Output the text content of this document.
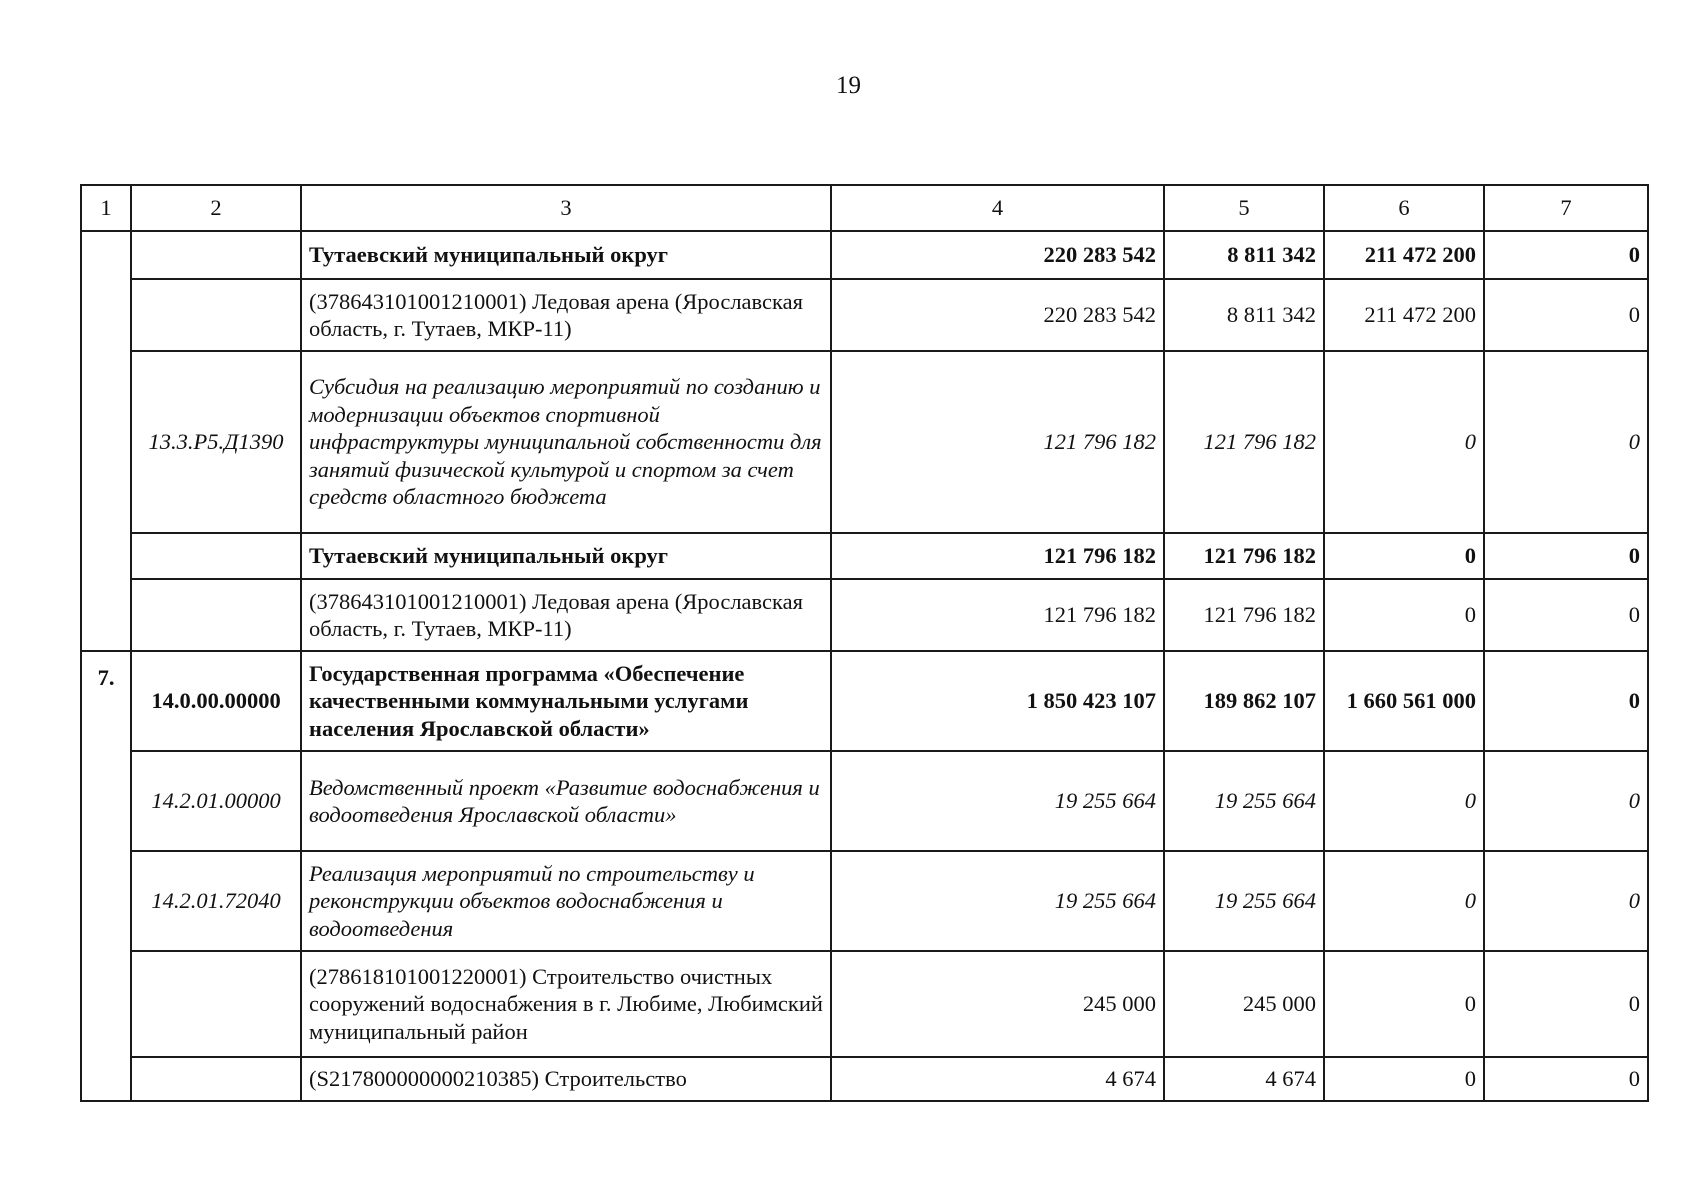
19
1	2	3	4	5	6	7
		Тутаевский муниципальный округ	220 283 542	8 811 342	211 472 200	0
		(378643101001210001) Ледовая арена (Ярославская область, г. Тутаев, МКР-11)	220 283 542	8 811 342	211 472 200	0
	13.3.Р5.Д1390	Субсидия на реализацию мероприятий по созданию и модернизации объектов спортивной инфраструктуры муниципальной собственности для занятий физической культурой и спортом за счет средств областного бюджета	121 796 182	121 796 182	0	0
		Тутаевский муниципальный округ	121 796 182	121 796 182	0	0
		(378643101001210001) Ледовая арена (Ярославская область, г. Тутаев, МКР-11)	121 796 182	121 796 182	0	0
7.	14.0.00.00000	Государственная программа «Обеспечение качественными коммунальными услугами населения Ярославской области»	1 850 423 107	189 862 107	1 660 561 000	0
	14.2.01.00000	Ведомственный проект «Развитие водоснабжения и водоотведения Ярославской области»	19 255 664	19 255 664	0	0
	14.2.01.72040	Реализация мероприятий по строительству и реконструкции объектов водоснабжения и водоотведения	19 255 664	19 255 664	0	0
		(278618101001220001) Строительство очистных сооружений водоснабжения в г. Любиме, Любимский муниципальный район	245 000	245 000	0	0
		(S217800000000210385) Строительство	4 674	4 674	0	0
